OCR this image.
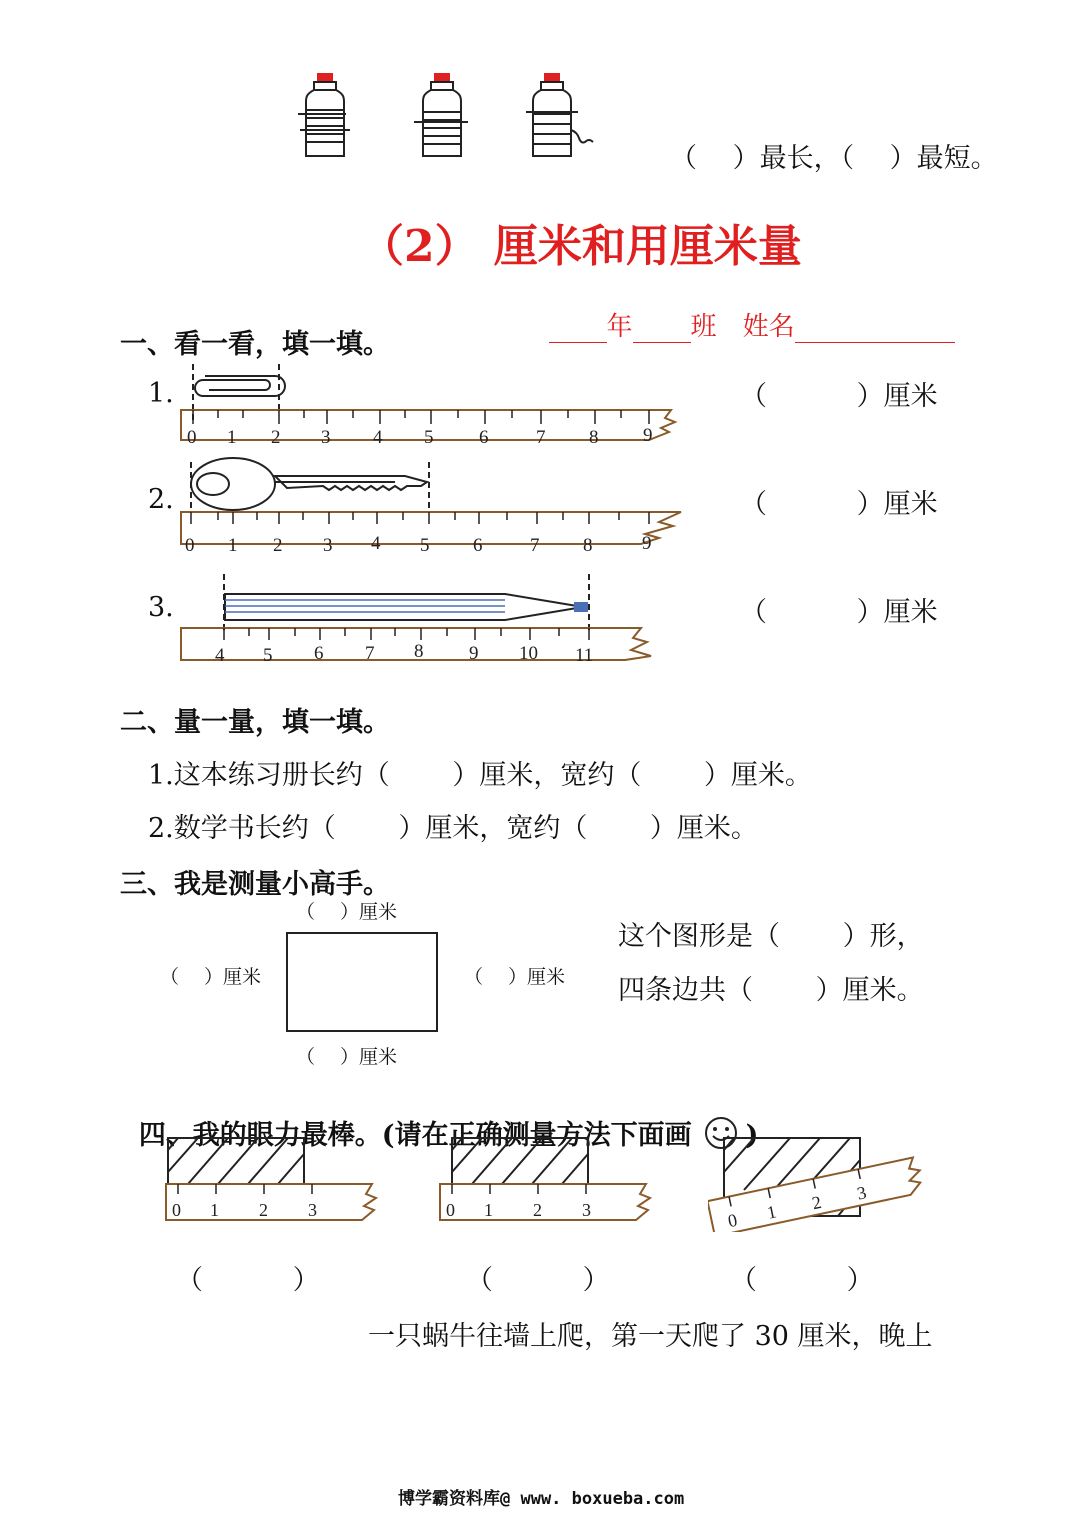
（　 ）最长，（　 ）最短。
（2） 厘米和用厘米量

年 班　 姓名

一、看一看，填一填。
1.	（　　　 ）厘米
0 1 2 3 4 5 6	7 8 9
2.	（　　　 ）厘米
0 1 2 3 4 5 6	7 8	9
3.	（　　　 ）厘米
4 5 6 7 8 9 10 11
二、量一量，填一填。
1.这本练习册长约（　　 ）厘米，宽约（　　 ）厘米。
2.数学书长约（　　 ）厘米，宽约（　　 ）厘米。
三、我是测量小高手。
（　 ）厘米
（　 ）厘米	（　 ）厘米
（　 ）厘米
这个图形是（　　 ）形，
四条边共（　　 ）厘米。

四、我的眼力最棒。(请在正确测量方法下面画 )

0 1 2 3	0 1 2 3	0 1 2 3
（　　　 ）	（　　　 ）	（　　　 ）
一只蜗牛往墙上爬，第一天爬了 30 厘米，晚上
博学霸资料库@ www. boxueba.com
